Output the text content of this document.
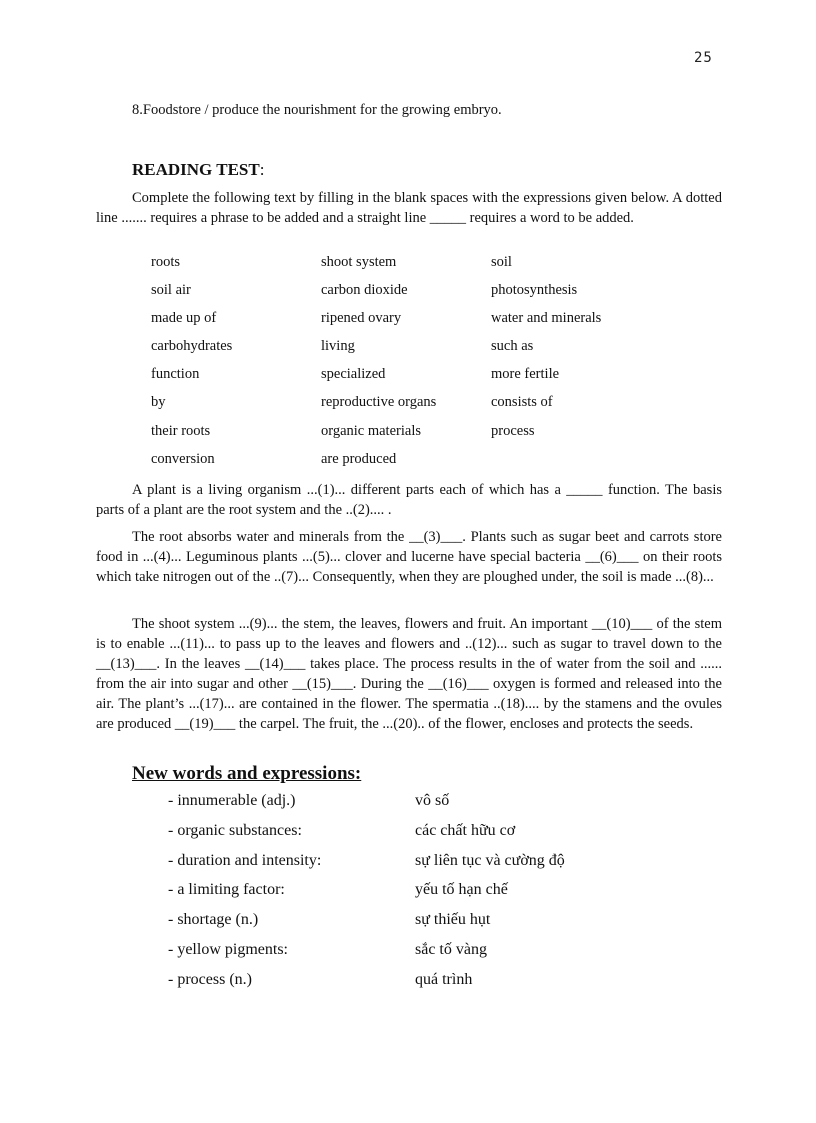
25
8.Foodstore / produce the nourishment for the growing embryo.
READING TEST:

Complete the following text by filling in the blank spaces with the expressions given below. A dotted line ....... requires a phrase to be added and a straight line _____ requires a word to be added.

roots	shoot system	soil
soil air	carbon dioxide	photosynthesis
made up of	ripened ovary	water and minerals
carbohydrates	living	such as
function	specialized	more fertile
by	reproductive organs	consists of
their roots	organic materials	process
conversion	are produced

A plant is a living organism ...(1)... different parts each of which has a _____ function. The basis parts of a plant are the root system and the ..(2).... .

The root absorbs water and minerals from the __(3)___. Plants such as sugar beet and carrots store food in ...(4)... Leguminous plants ...(5)... clover and lucerne have special bacteria __(6)___ on their roots which take nitrogen out of the ..(7)... Consequently, when they are ploughed under, the soil is made ...(8)...

The shoot system ...(9)... the stem, the leaves, flowers and fruit. An important __(10)___ of the stem is to enable ...(11)... to pass up to the leaves and flowers and ..(12)... such as sugar to travel down to the __(13)___. In the leaves __(14)___ takes place. The process results in the of water from the soil and ...... from the air into sugar and other __(15)___. During the __(16)___ oxygen is formed and released into the air. The plant’s ...(17)... are contained in the flower. The spermatia ..(18).... by the stamens and the ovules are produced __(19)___ the carpel. The fruit, the ...(20).. of the flower, encloses and protects the seeds.

New words and expressions:
- innumerable (adj.)	vô số
- organic substances:	các chất hữu cơ
- duration and intensity:	sự liên tục và cường độ
- a limiting factor:	yếu tố hạn chế
- shortage (n.)	sự thiếu hụt
- yellow pigments:	sắc tố vàng
- process (n.)	quá trình
